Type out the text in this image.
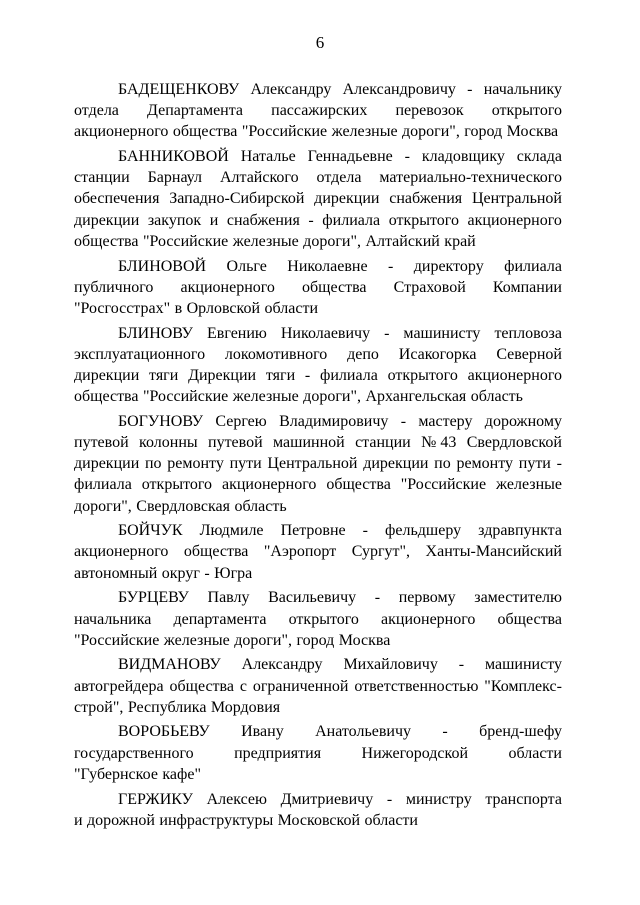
6
БАДЕЩЕНКОВУ Александру Александровичу - начальнику
отдела Департамента пассажирских перевозок открытого
акционерного общества "Российские железные дороги", город Москва
БАННИКОВОЙ Наталье Геннадьевне - кладовщику склада
станции Барнаул Алтайского отдела материально-технического
обеспечения Западно-Сибирской дирекции снабжения Центральной
дирекции закупок и снабжения - филиала открытого акционерного
общества "Российские железные дороги", Алтайский край
БЛИНОВОЙ Ольге Николаевне - директору филиала
публичного акционерного общества Страховой Компании
"Росгосстрах" в Орловской области
БЛИНОВУ Евгению Николаевичу - машинисту тепловоза
эксплуатационного локомотивного депо Исакогорка Северной
дирекции тяги Дирекции тяги - филиала открытого акционерного
общества "Российские железные дороги", Архангельская область
БОГУНОВУ Сергею Владимировичу - мастеру дорожному
путевой колонны путевой машинной станции № 43 Свердловской
дирекции по ремонту пути Центральной дирекции по ремонту пути -
филиала открытого акционерного общества "Российские железные
дороги", Свердловская область
БОЙЧУК Людмиле Петровне - фельдшеру здравпункта
акционерного общества "Аэропорт Сургут", Ханты-Мансийский
автономный округ - Югра
БУРЦЕВУ Павлу Васильевичу - первому заместителю
начальника департамента открытого акционерного общества
"Российские железные дороги", город Москва
ВИДМАНОВУ Александру Михайловичу - машинисту
автогрейдера общества с ограниченной ответственностью "Комплекс-
строй", Республика Мордовия
ВОРОБЬЕВУ Ивану Анатольевичу - бренд-шефу
государственного	предприятия	Нижегородской	области
"Губернское кафе"
ГЕРЖИКУ Алексею Дмитриевичу - министру транспорта
и дорожной инфраструктуры Московской области
